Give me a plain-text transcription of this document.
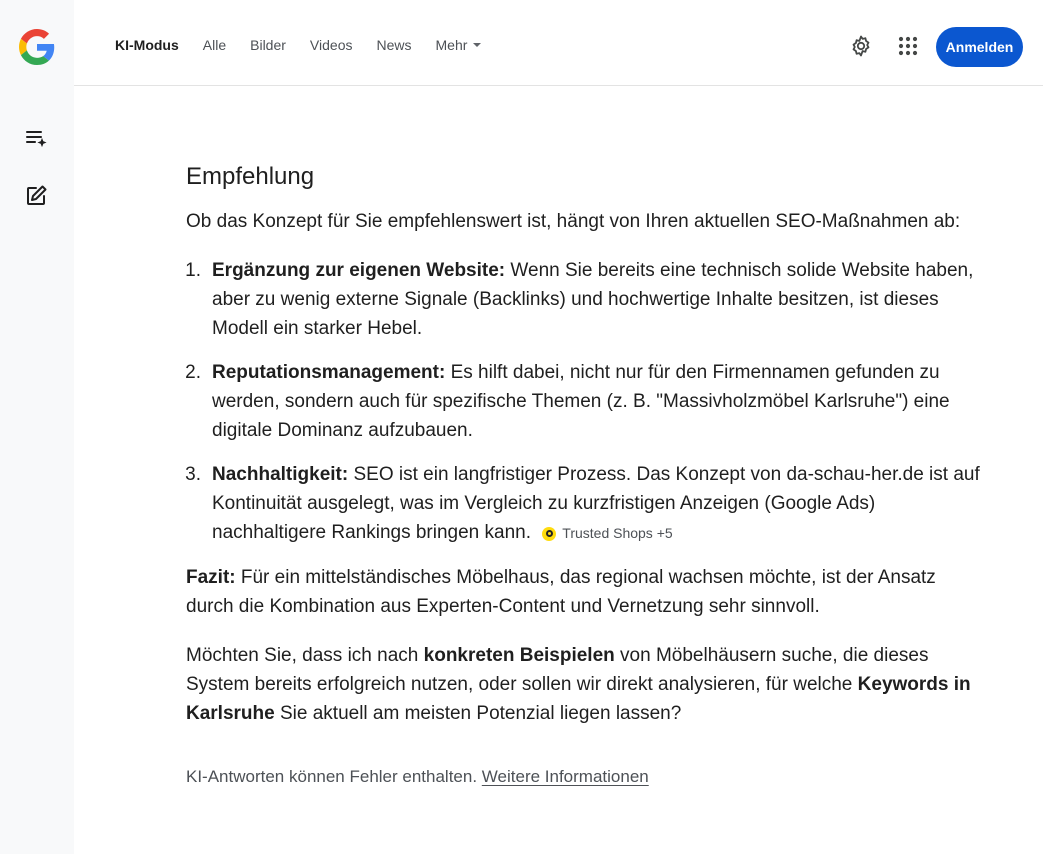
KI-Modus Alle Bilder Videos News Mehr	Anmelden
Empfehlung

Ob das Konzept für Sie empfehlenswert ist, hängt von Ihren aktuellen SEO-Maßnahmen ab:

1. Ergänzung zur eigenen Website: Wenn Sie bereits eine technisch solide Website haben, aber zu wenig externe Signale (Backlinks) und hochwertige Inhalte besitzen, ist dieses Modell ein starker Hebel.
2. Reputationsmanagement: Es hilft dabei, nicht nur für den Firmennamen gefunden zu werden, sondern auch für spezifische Themen (z. B. "Massivholzmöbel Karlsruhe") eine digitale Dominanz aufzubauen.
3. Nachhaltigkeit: SEO ist ein langfristiger Prozess. Das Konzept von da-schau-her.de ist auf Kontinuität ausgelegt, was im Vergleich zu kurzfristigen Anzeigen (Google Ads) nachhaltigere Rankings bringen kann. Trusted Shops +5

Fazit: Für ein mittelständisches Möbelhaus, das regional wachsen möchte, ist der Ansatz durch die Kombination aus Experten-Content und Vernetzung sehr sinnvoll.

Möchten Sie, dass ich nach konkreten Beispielen von Möbelhäusern suche, die dieses System bereits erfolgreich nutzen, oder sollen wir direkt analysieren, für welche Keywords in Karlsruhe Sie aktuell am meisten Potenzial liegen lassen?

KI-Antworten können Fehler enthalten. Weitere Informationen
